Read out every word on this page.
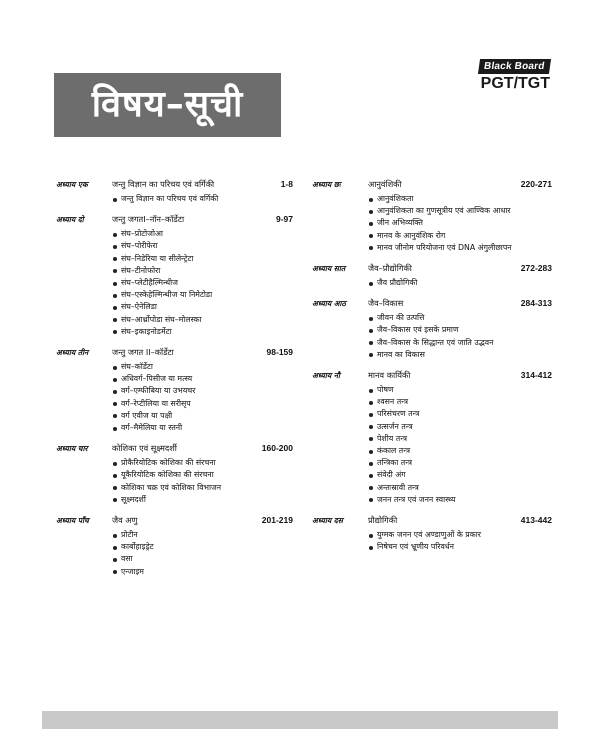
Black Board
PGT/TGT
विषय–सूची
अध्याय एक	जन्तु विज्ञान का परिचय एवं वर्गिकी	1-8
जन्तु विज्ञान का परिचय एवं वर्गिकी
अध्याय दो	जन्तु जगतI–नॉन–कॉर्डेटा	9-97
संघ–प्रोटोजोआ
संघ–पोरीफेरा
संघ–निडेरिया या सीलेन्ट्रेटा
संघ–टीनोफोरा
संघ–प्लेटीहैल्मिन्थीज
संघ–एस्केहेल्मिन्थीज या निमेटोडा
संघ–ऐनेलिडा
संघ–आर्थ्रोपोडा संघ–मोलस्का
संघ–इकाइनोडर्मेटा
अध्याय तीन	जन्तु जगत II–कॉर्डेटा	98-159
संघ–कॉर्डेटा
अधिवर्ग–पिसीज या मत्स्य
वर्ग–एम्फीबिया या उभयचर
वर्ग–रेप्टीलिया या सरीसृप
वर्ग एवीज या पक्षी
वर्ग–मैमेलिया या स्तनी
अध्याय चार	कोशिका एवं सूक्ष्मदर्शी	160-200
प्रोकैरियोटिक कोशिका की संरचना
यूकैरियोटिक कोशिका की संरचना
कोशिका चक्र एवं कोशिका विभाजन
सूक्ष्मदर्शी
अध्याय पाँच	जैव अणु	201-219
प्रोटीन
कार्बोहाइड्रेट
वसा
एन्जाइम
अध्याय छः	आनुवंशिकी	220-271
आनुवंशिकता
आनुवंशिकता का गुणसूत्रीय एवं आण्विक आधार
जीन अभिव्यक्ति
मानव के आनुवंशिक रोग
मानव जीनोम परियोजना एवं DNA अंगुलीछापन
अध्याय सात	जैव–प्रौद्योगिकी	272-283
जैव प्रौद्योगिकी
अध्याय आठ	जैव–विकास	284-313
जीवन की उत्पत्ति
जैव–विकास एवं इसके प्रमाण
जैव–विकास के सिद्धान्त एवं जाति उद्भवन
मानव का विकास
अध्याय नौ	मानव कार्यिकी	314-412
पोषण
श्वसन तन्त्र
परिसंचरण तन्त्र
उत्सर्जन तन्त्र
पेशीय तन्त्र
कंकाल तन्त्र
तन्त्रिका तन्त्र
संवेदी अंग
अन्तःस्रावी तन्त्र
जनन तन्त्र एवं जनन स्वास्थ्य
अध्याय दस	प्रौद्योगिकी	413-442
युग्मक जनन एवं अण्डाणुओं के प्रकार
निषेचन एवं भ्रूणीय परिवर्धन
